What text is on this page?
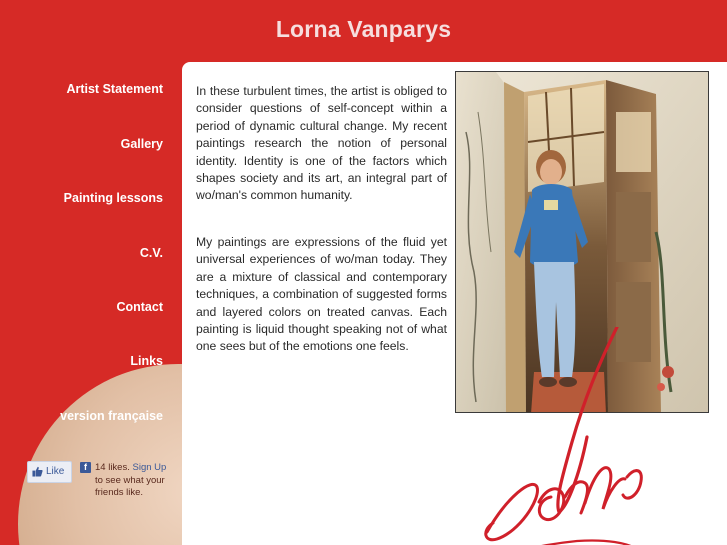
Lorna Vanparys
Artist Statement
Gallery
Painting lessons
C.V.
Contact
Links
version française
Like	f 14 likes. Sign Up to see what your friends like.

In these turbulent times, the artist is obliged to consider questions of self-concept within a period of dynamic cultural change. My recent paintings research the notion of personal identity. Identity is one of the factors which shapes society and its art, an integral part of wo/man's common humanity.

My paintings are expressions of the fluid yet universal experiences of wo/man today. They are a mixture of classical and contemporary techniques, a combination of suggested forms and layered colors on treated canvas. Each painting is liquid thought speaking not of what one sees but of the emotions one feels.
